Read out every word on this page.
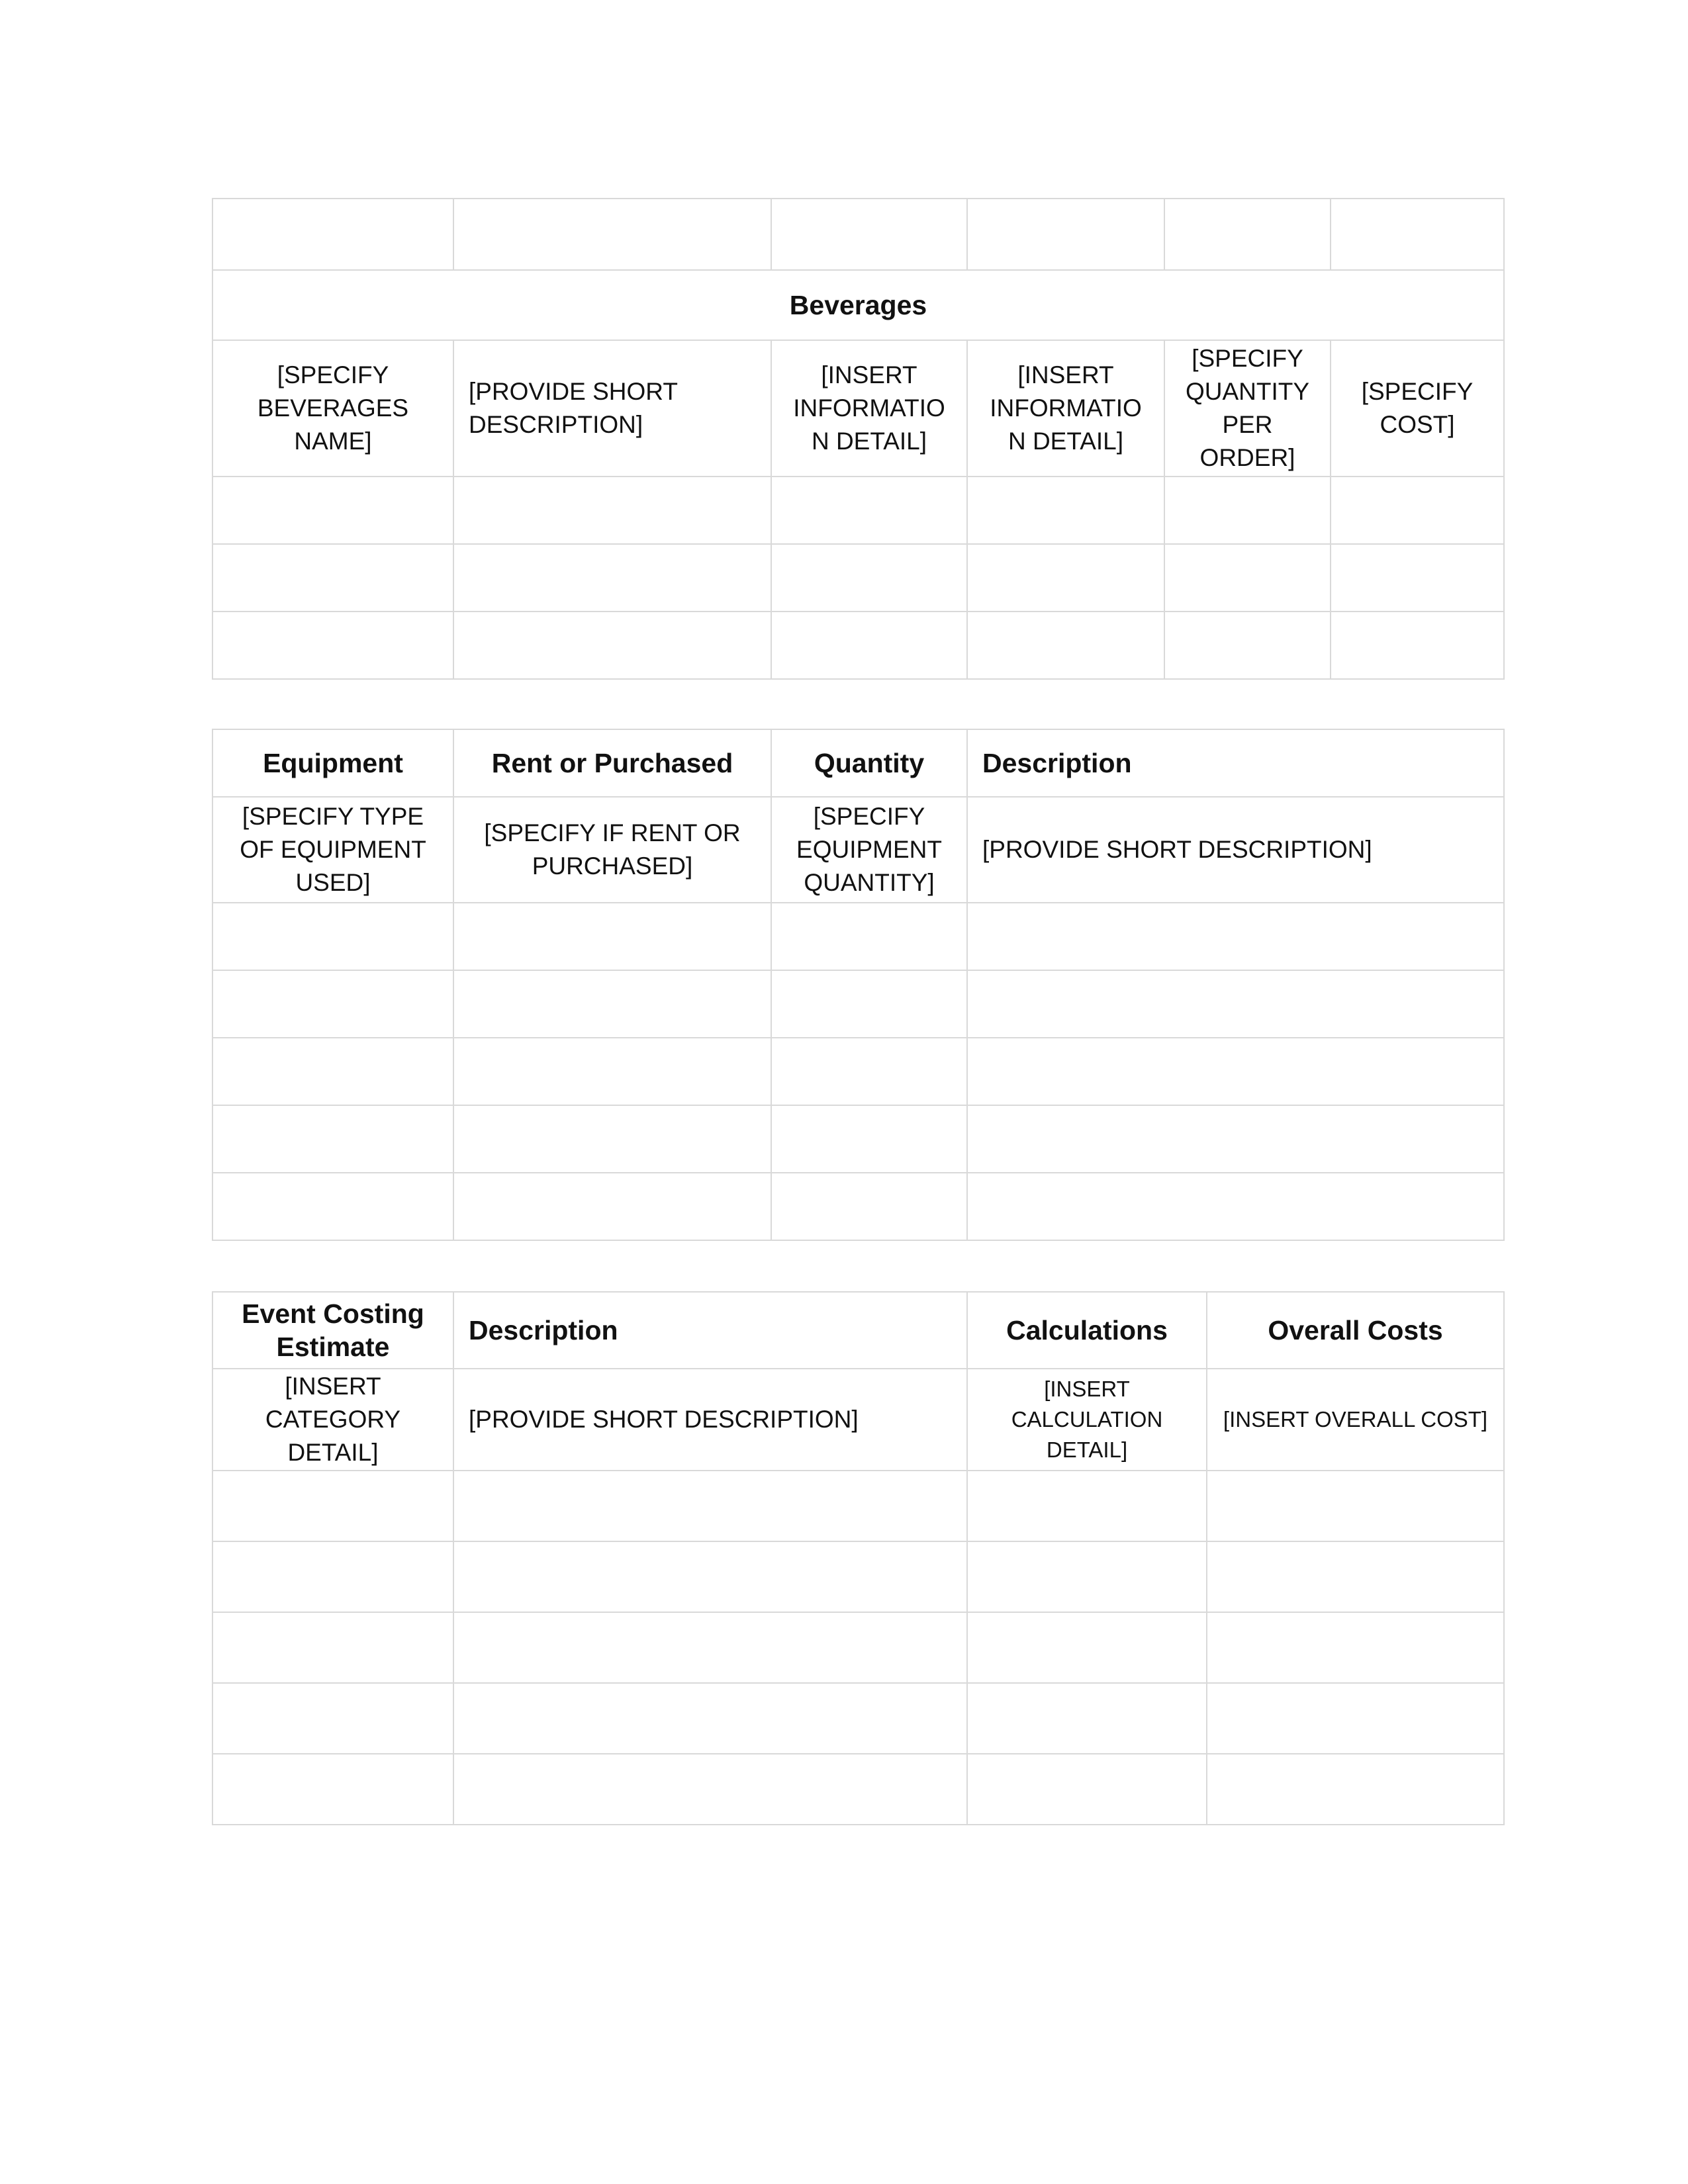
Beverages					
[SPECIFY BEVERAGES NAME]	[PROVIDE SHORT DESCRIPTION]	[INSERT INFORMATIO N DETAIL]	[INSERT INFORMATIO N DETAIL]	[SPECIFY QUANTITY PER ORDER]	[SPECIFY COST]

Equipment	Rent or Purchased	Quantity	Description
[SPECIFY TYPE OF EQUIPMENT USED]	[SPECIFY IF RENT OR PURCHASED]	[SPECIFY EQUIPMENT QUANTITY]	[PROVIDE SHORT DESCRIPTION]

Event Costing Estimate	Description	Calculations	Overall Costs
[INSERT CATEGORY DETAIL]	[PROVIDE SHORT DESCRIPTION]	[INSERT CALCULATION DETAIL]	[INSERT OVERALL COST]
